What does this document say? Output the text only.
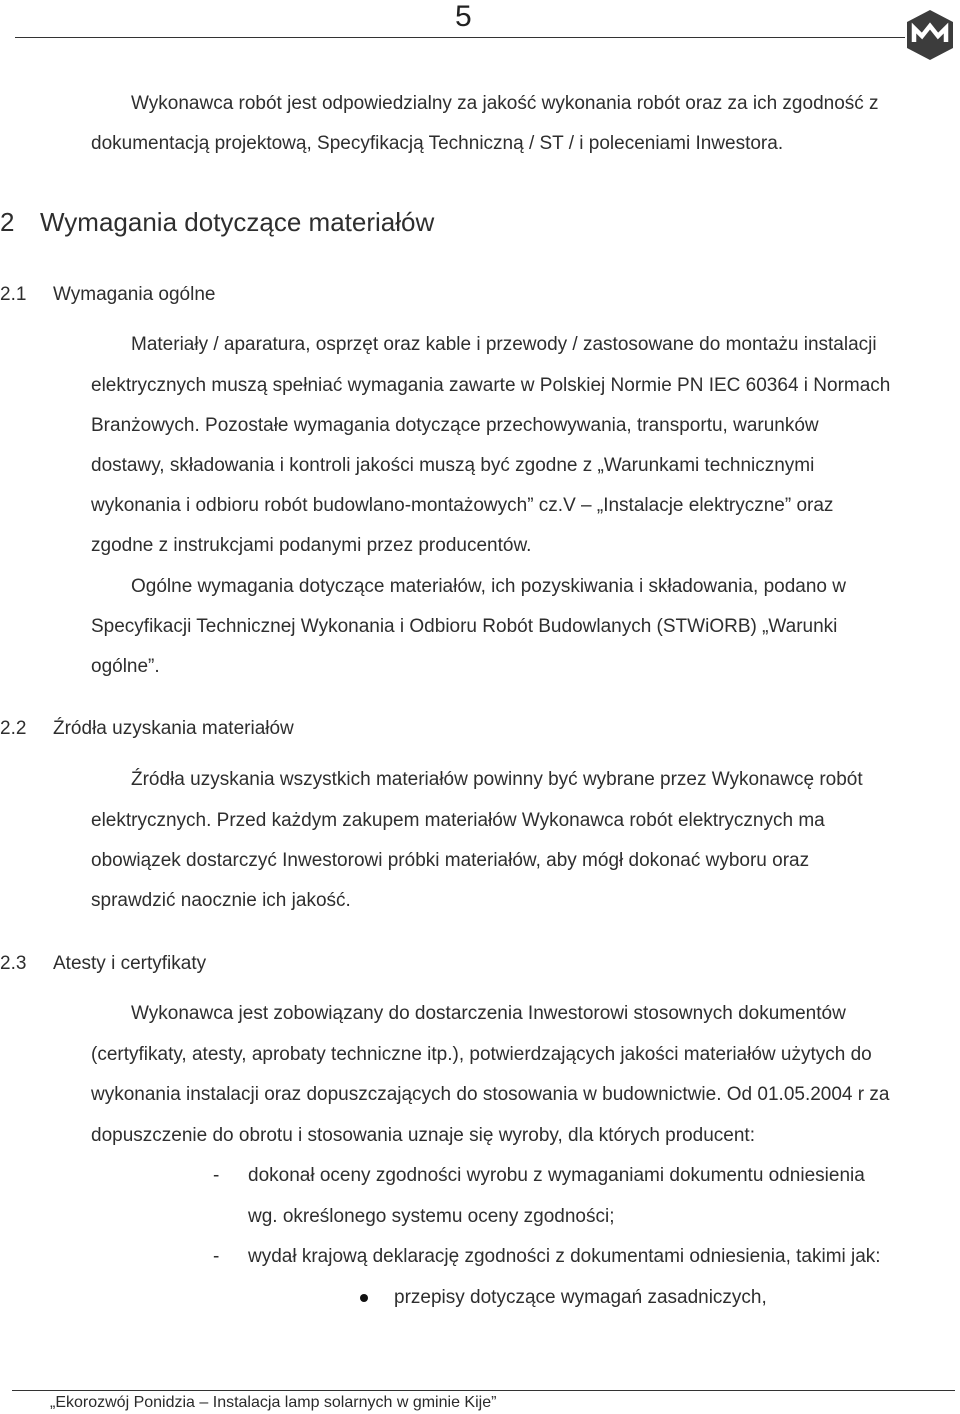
5
Wykonawca robót jest odpowiedzialny za jakość wykonania robót oraz za ich zgodność z
dokumentacją projektową, Specyfikacją Techniczną / ST / i poleceniami Inwestora.
2 Wymagania dotyczące materiałów
2.1 Wymagania ogólne
Materiały / aparatura, osprzęt oraz kable i przewody / zastosowane do montażu instalacji
elektrycznych muszą spełniać wymagania zawarte w Polskiej Normie PN IEC 60364 i Normach
Branżowych. Pozostałe wymagania dotyczące przechowywania, transportu, warunków
dostawy, składowania i kontroli jakości muszą być zgodne z „Warunkami technicznymi
wykonania i odbioru robót budowlano-montażowych” cz.V – „Instalacje elektryczne” oraz
zgodne z instrukcjami podanymi przez producentów.
Ogólne wymagania dotyczące materiałów, ich pozyskiwania i składowania, podano w
Specyfikacji Technicznej Wykonania i Odbioru Robót Budowlanych (STWiORB) „Warunki
ogólne”.
2.2 Źródła uzyskania materiałów
Źródła uzyskania wszystkich materiałów powinny być wybrane przez Wykonawcę robót
elektrycznych. Przed każdym zakupem materiałów Wykonawca robót elektrycznych ma
obowiązek dostarczyć Inwestorowi próbki materiałów, aby mógł dokonać wyboru oraz
sprawdzić naocznie ich jakość.
2.3 Atesty i certyfikaty
Wykonawca jest zobowiązany do dostarczenia Inwestorowi stosownych dokumentów
(certyfikaty, atesty, aprobaty techniczne itp.), potwierdzających jakości materiałów użytych do
wykonania instalacji oraz dopuszczających do stosowania w budownictwie. Od 01.05.2004 r za
dopuszczenie do obrotu i stosowania uznaje się wyroby, dla których producent:
- dokonał oceny zgodności wyrobu z wymaganiami dokumentu odniesienia
wg. określonego systemu oceny zgodności;
- wydał krajową deklarację zgodności z dokumentami odniesienia, takimi jak:
przepisy dotyczące wymagań zasadniczych,
„Ekorozwój Ponidzia – Instalacja lamp solarnych w gminie Kije”
